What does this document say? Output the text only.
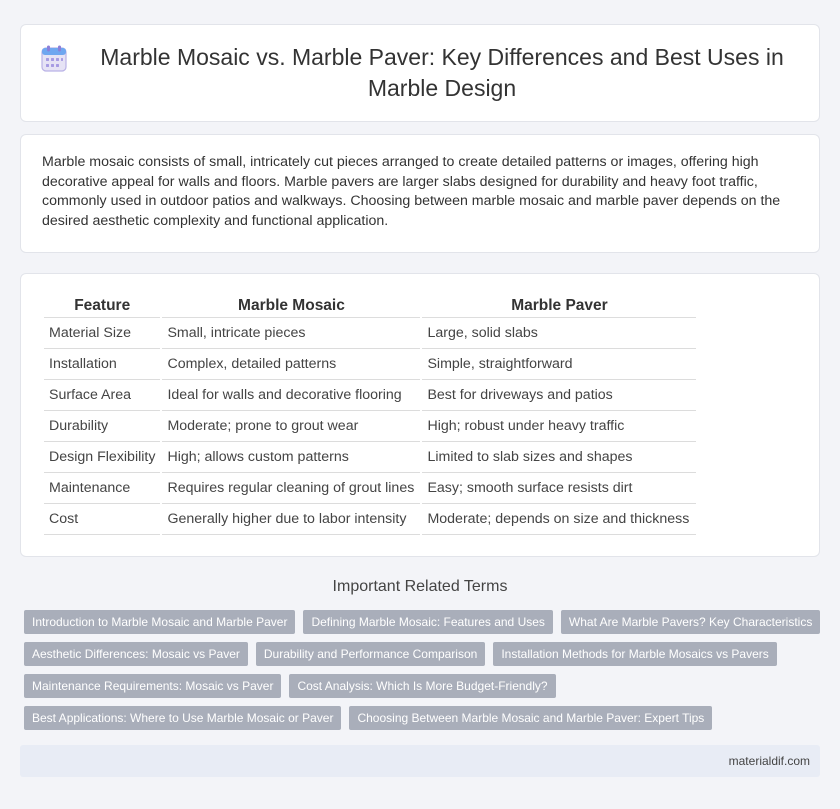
Marble Mosaic vs. Marble Paver: Key Differences and Best Uses in Marble Design

Marble mosaic consists of small, intricately cut pieces arranged to create detailed patterns or images, offering high decorative appeal for walls and floors. Marble pavers are larger slabs designed for durability and heavy foot traffic, commonly used in outdoor patios and walkways. Choosing between marble mosaic and marble paver depends on the desired aesthetic complexity and functional application.

Feature	Marble Mosaic	Marble Paver
Material Size	Small, intricate pieces	Large, solid slabs
Installation	Complex, detailed patterns	Simple, straightforward
Surface Area	Ideal for walls and decorative flooring	Best for driveways and patios
Durability	Moderate; prone to grout wear	High; robust under heavy traffic
Design Flexibility	High; allows custom patterns	Limited to slab sizes and shapes
Maintenance	Requires regular cleaning of grout lines	Easy; smooth surface resists dirt
Cost	Generally higher due to labor intensity	Moderate; depends on size and thickness
Important Related Terms
Introduction to Marble Mosaic and Marble Paver	Defining Marble Mosaic: Features and Uses	What Are Marble Pavers? Key Characteristics
Aesthetic Differences: Mosaic vs Paver	Durability and Performance Comparison	Installation Methods for Marble Mosaics vs Pavers
Maintenance Requirements: Mosaic vs Paver	Cost Analysis: Which Is More Budget-Friendly?
Best Applications: Where to Use Marble Mosaic or Paver	Choosing Between Marble Mosaic and Marble Paver: Expert Tips
materialdif.com
